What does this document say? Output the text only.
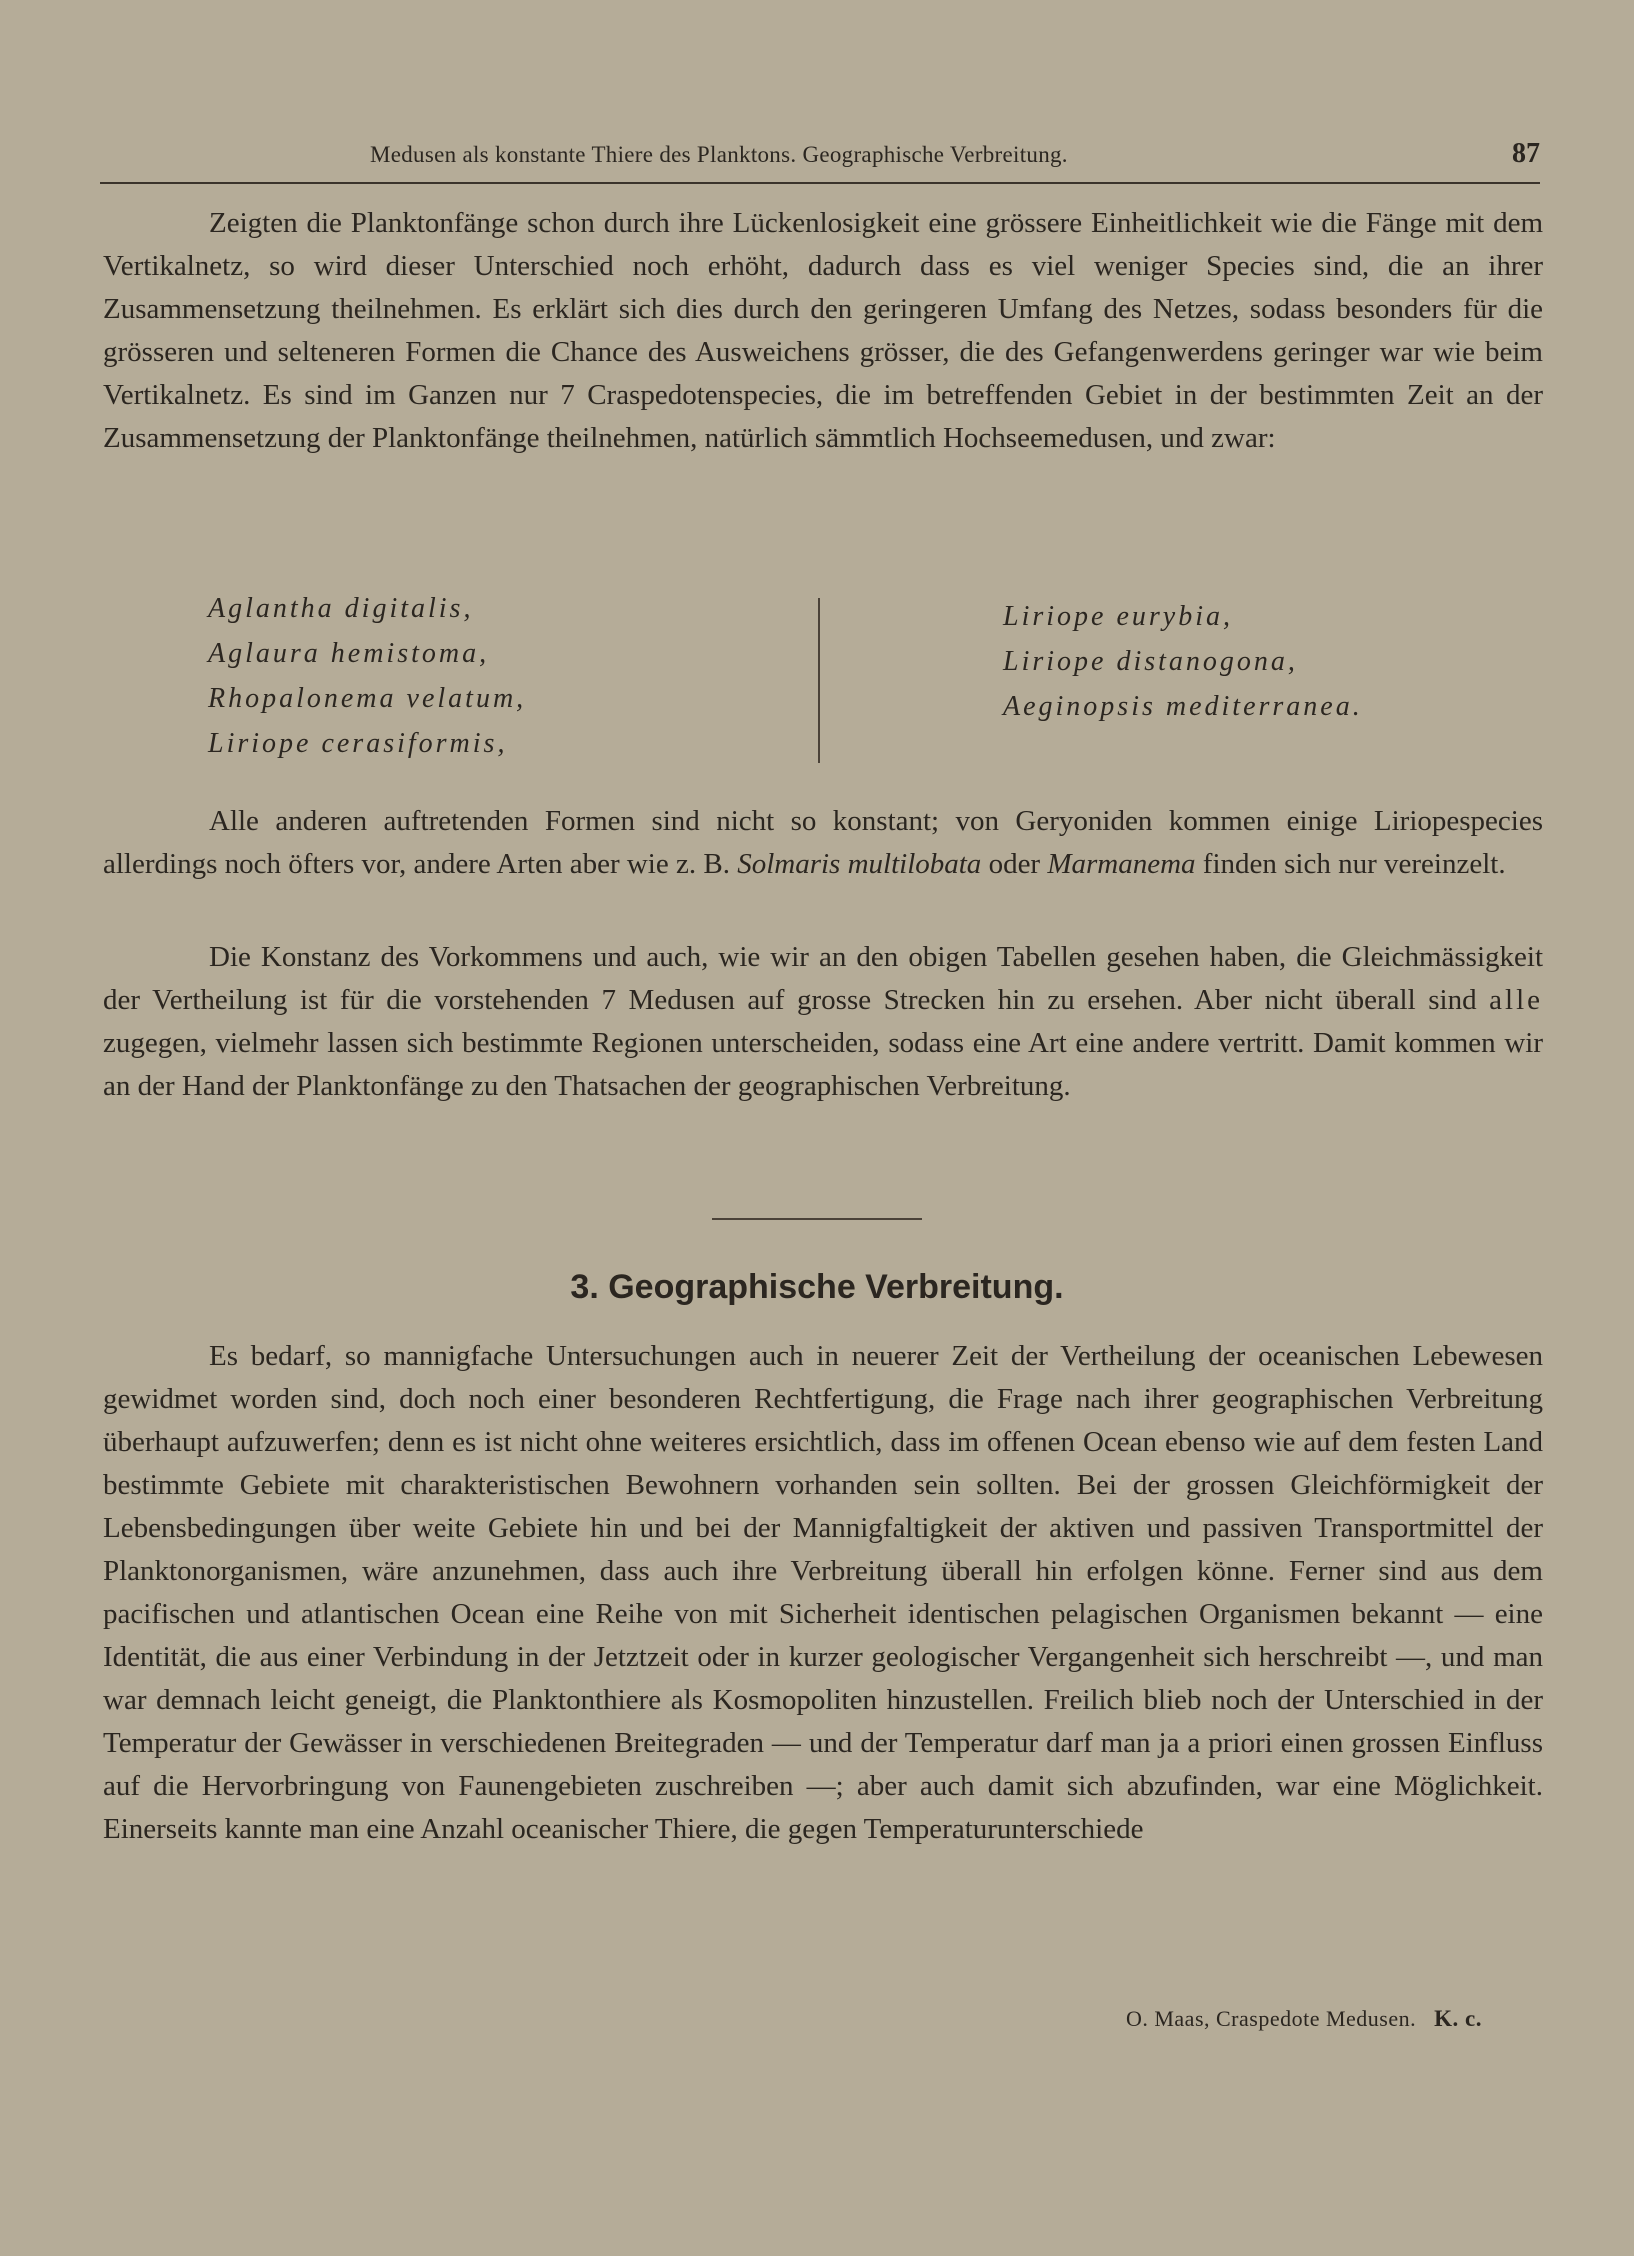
Medusen als konstante Thiere des Planktons. Geographische Verbreitung.	87

Zeigten die Planktonfänge schon durch ihre Lückenlosigkeit eine grössere Einheitlichkeit wie die Fänge mit dem Vertikalnetz, so wird dieser Unterschied noch erhöht, dadurch dass es viel weniger Species sind, die an ihrer Zusammensetzung theilnehmen. Es erklärt sich dies durch den geringeren Umfang des Netzes, sodass besonders für die grösseren und selteneren Formen die Chance des Ausweichens grösser, die des Gefangenwerdens geringer war wie beim Vertikalnetz. Es sind im Ganzen nur 7 Craspedotenspecies, die im betreffenden Gebiet in der bestimmten Zeit an der Zusammensetzung der Planktonfänge theilnehmen, natürlich sämmtlich Hochseemedusen, und zwar:

Aglantha digitalis,
Aglaura hemistoma,
Rhopalonema velatum,
Liriope cerasiformis,
Liriope eurybia,
Liriope distanogona,
Aeginopsis mediterranea.

Alle anderen auftretenden Formen sind nicht so konstant; von Geryoniden kommen einige Liriopespecies allerdings noch öfters vor, andere Arten aber wie z. B. Solmaris multilobata oder Marmanema finden sich nur vereinzelt.

Die Konstanz des Vorkommens und auch, wie wir an den obigen Tabellen gesehen haben, die Gleichmässigkeit der Vertheilung ist für die vorstehenden 7 Medusen auf grosse Strecken hin zu ersehen. Aber nicht überall sind alle zugegen, vielmehr lassen sich bestimmte Regionen unterscheiden, sodass eine Art eine andere vertritt. Damit kommen wir an der Hand der Planktonfänge zu den Thatsachen der geographischen Verbreitung.

3. Geographische Verbreitung.

Es bedarf, so mannigfache Untersuchungen auch in neuerer Zeit der Vertheilung der oceanischen Lebewesen gewidmet worden sind, doch noch einer besonderen Rechtfertigung, die Frage nach ihrer geographischen Verbreitung überhaupt aufzuwerfen; denn es ist nicht ohne weiteres ersichtlich, dass im offenen Ocean ebenso wie auf dem festen Land bestimmte Gebiete mit charakteristischen Bewohnern vorhanden sein sollten. Bei der grossen Gleichförmigkeit der Lebensbedingungen über weite Gebiete hin und bei der Mannigfaltigkeit der aktiven und passiven Transportmittel der Planktonorganismen, wäre anzunehmen, dass auch ihre Verbreitung überall hin erfolgen könne. Ferner sind aus dem pacifischen und atlantischen Ocean eine Reihe von mit Sicherheit identischen pelagischen Organismen bekannt — eine Identität, die aus einer Verbindung in der Jetztzeit oder in kurzer geologischer Vergangenheit sich herschreibt —, und man war demnach leicht geneigt, die Planktonthiere als Kosmopoliten hinzustellen. Freilich blieb noch der Unterschied in der Temperatur der Gewässer in verschiedenen Breitegraden — und der Temperatur darf man ja a priori einen grossen Einfluss auf die Hervorbringung von Faunengebieten zuschreiben —; aber auch damit sich abzufinden, war eine Möglichkeit. Einerseits kannte man eine Anzahl oceanischer Thiere, die gegen Temperaturunterschiede

O. Maas, Craspedote Medusen. K. c.
